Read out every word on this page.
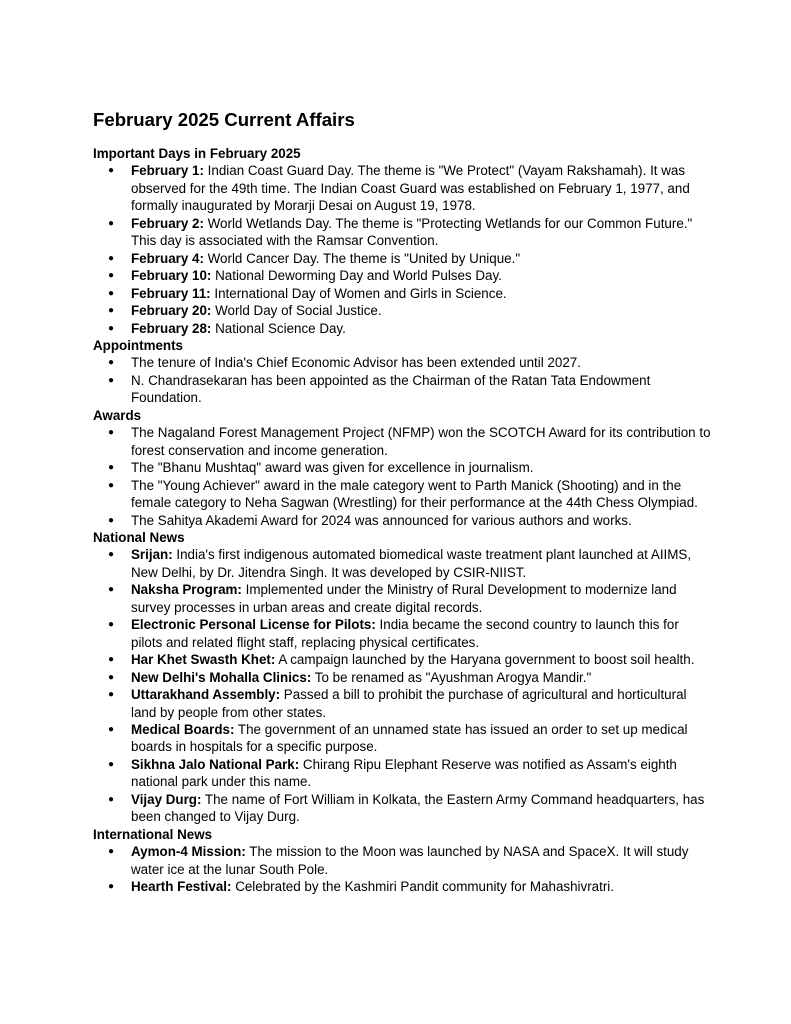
February 2025 Current Affairs
Important Days in February 2025
● February 1: Indian Coast Guard Day. The theme is "We Protect" (Vayam Rakshamah). It was observed for the 49th time. The Indian Coast Guard was established on February 1, 1977, and formally inaugurated by Morarji Desai on August 19, 1978.
● February 2: World Wetlands Day. The theme is "Protecting Wetlands for our Common Future." This day is associated with the Ramsar Convention.
● February 4: World Cancer Day. The theme is "United by Unique."
● February 10: National Deworming Day and World Pulses Day.
● February 11: International Day of Women and Girls in Science.
● February 20: World Day of Social Justice.
● February 28: National Science Day.
Appointments
● The tenure of India's Chief Economic Advisor has been extended until 2027.
● N. Chandrasekaran has been appointed as the Chairman of the Ratan Tata Endowment Foundation.
Awards
● The Nagaland Forest Management Project (NFMP) won the SCOTCH Award for its contribution to forest conservation and income generation.
● The "Bhanu Mushtaq" award was given for excellence in journalism.
● The "Young Achiever" award in the male category went to Parth Manick (Shooting) and in the female category to Neha Sagwan (Wrestling) for their performance at the 44th Chess Olympiad.
● The Sahitya Akademi Award for 2024 was announced for various authors and works.
National News
● Srijan: India's first indigenous automated biomedical waste treatment plant launched at AIIMS, New Delhi, by Dr. Jitendra Singh. It was developed by CSIR-NIIST.
● Naksha Program: Implemented under the Ministry of Rural Development to modernize land survey processes in urban areas and create digital records.
● Electronic Personal License for Pilots: India became the second country to launch this for pilots and related flight staff, replacing physical certificates.
● Har Khet Swasth Khet: A campaign launched by the Haryana government to boost soil health.
● New Delhi's Mohalla Clinics: To be renamed as "Ayushman Arogya Mandir."
● Uttarakhand Assembly: Passed a bill to prohibit the purchase of agricultural and horticultural land by people from other states.
● Medical Boards: The government of an unnamed state has issued an order to set up medical boards in hospitals for a specific purpose.
● Sikhna Jalo National Park: Chirang Ripu Elephant Reserve was notified as Assam's eighth national park under this name.
● Vijay Durg: The name of Fort William in Kolkata, the Eastern Army Command headquarters, has been changed to Vijay Durg.
International News
● Aymon-4 Mission: The mission to the Moon was launched by NASA and SpaceX. It will study water ice at the lunar South Pole.
● Hearth Festival: Celebrated by the Kashmiri Pandit community for Mahashivratri.
